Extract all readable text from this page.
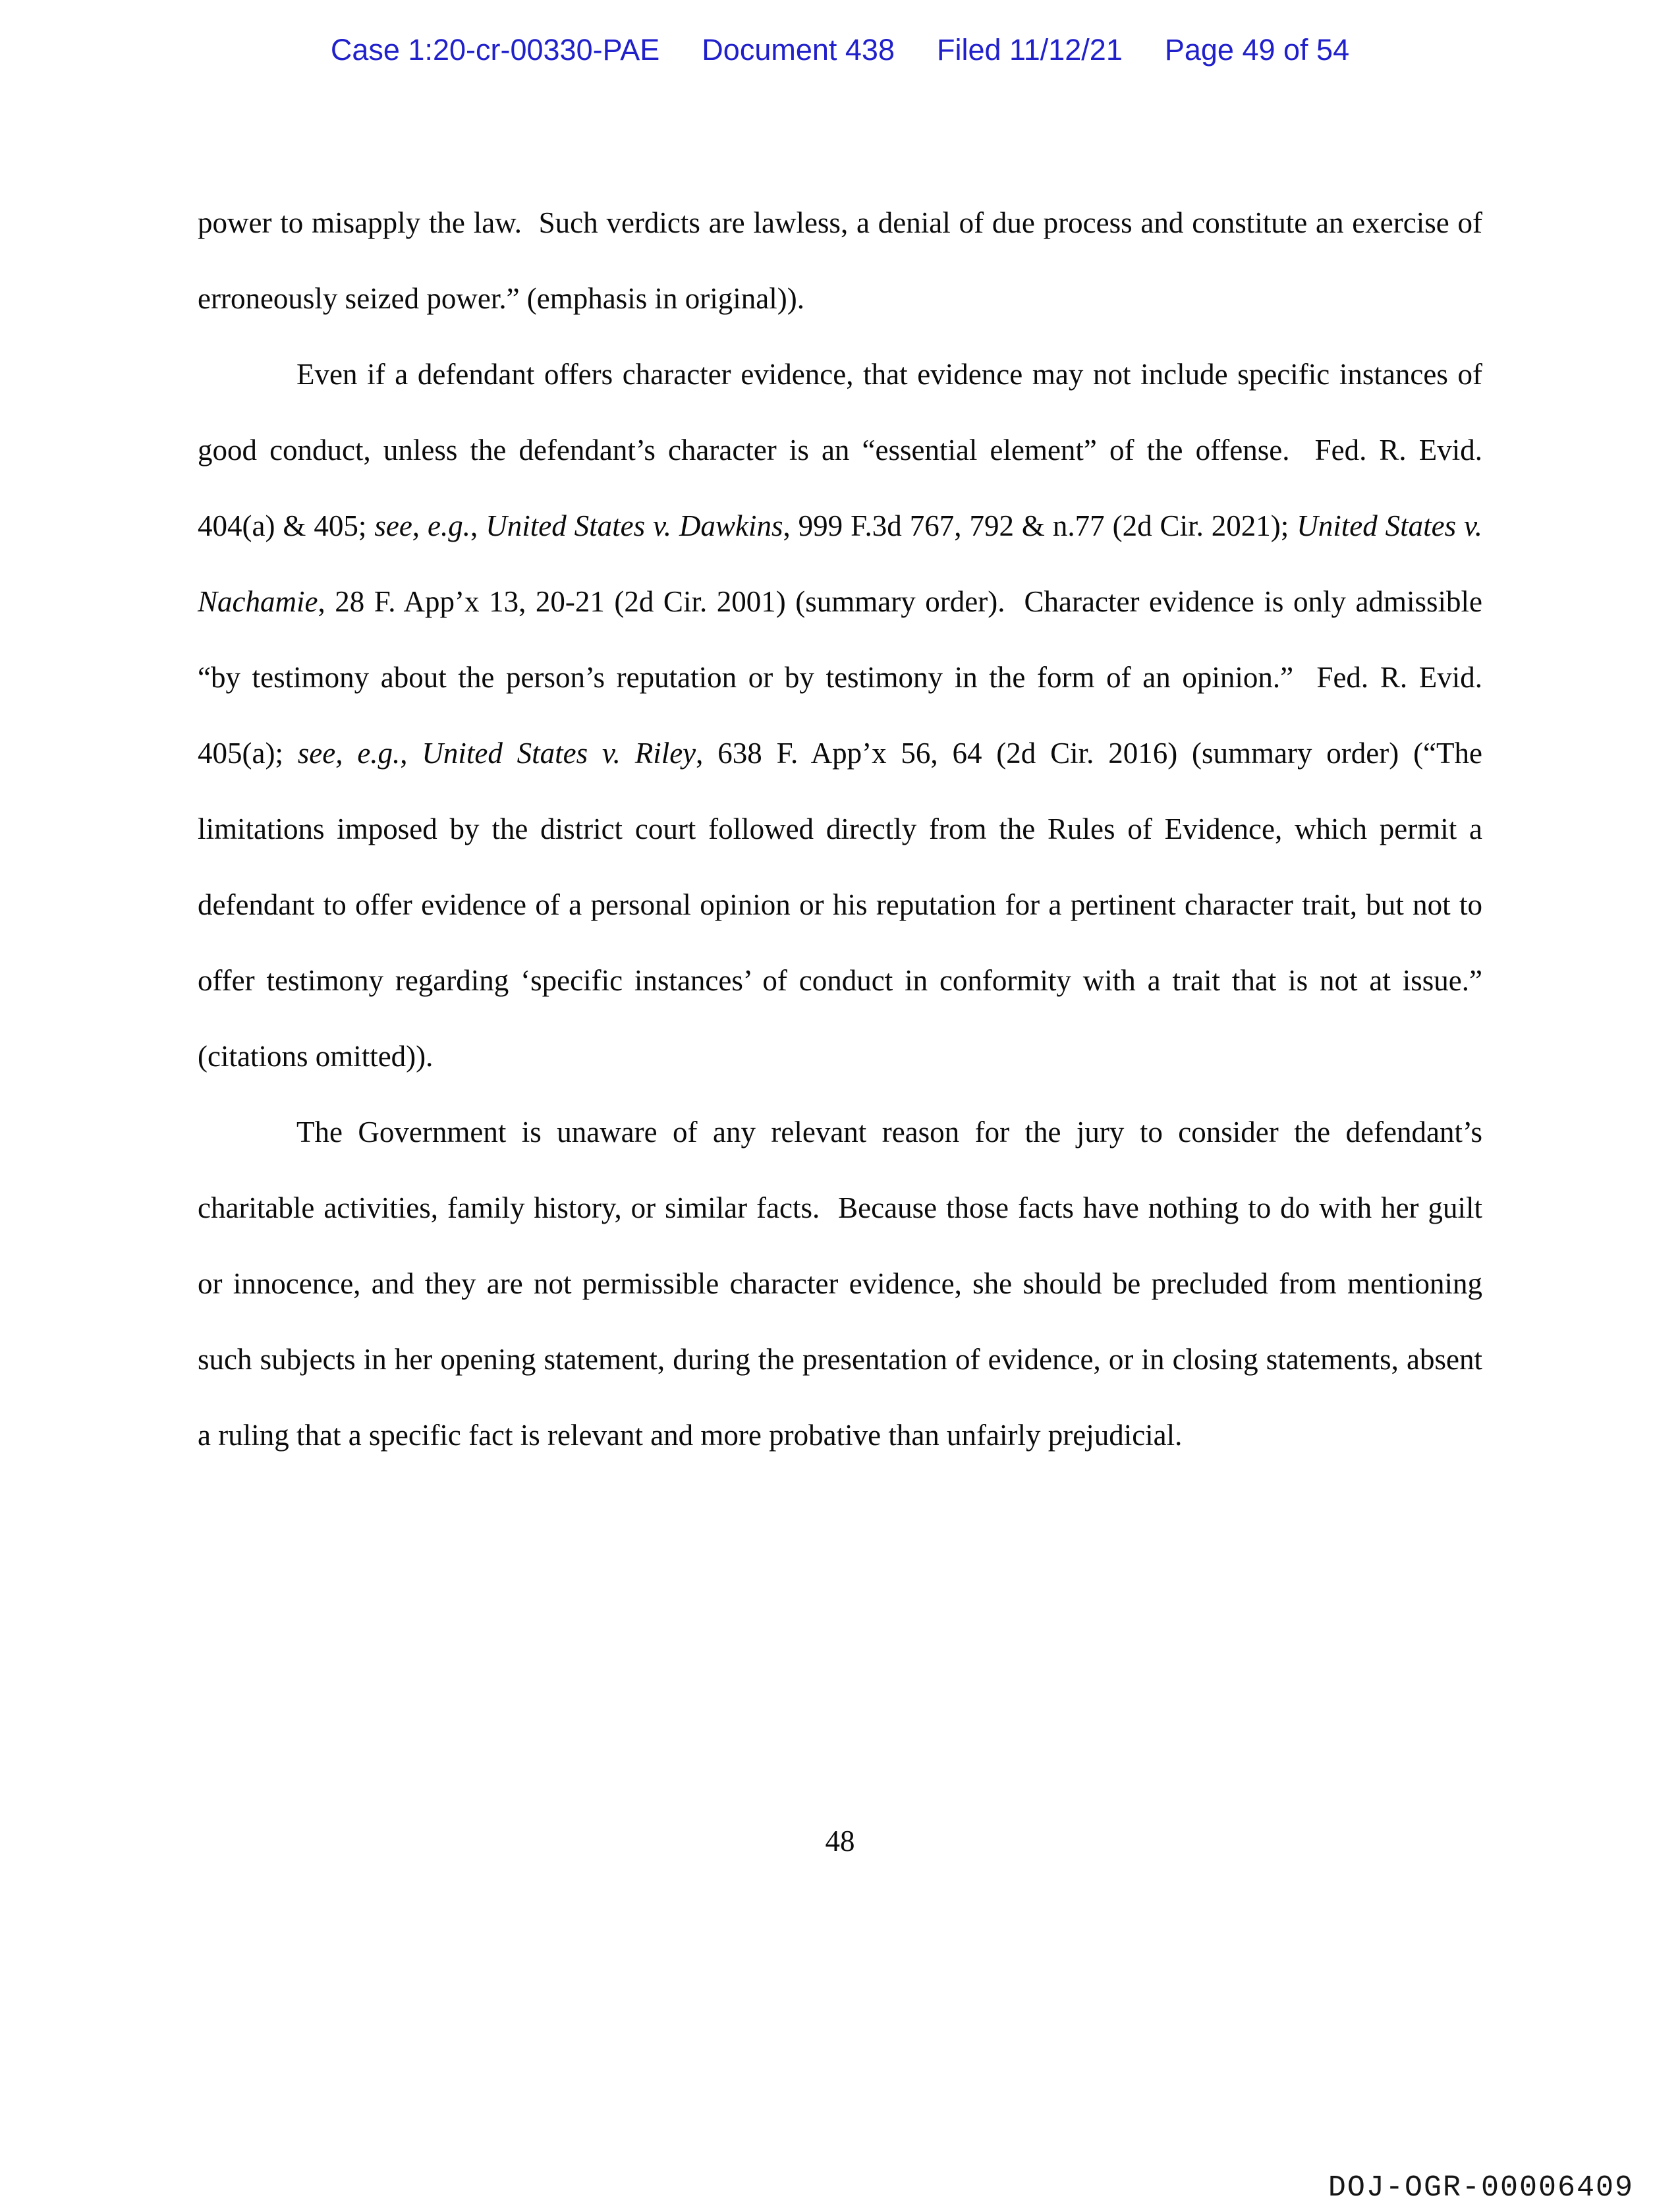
Case 1:20-cr-00330-PAE Document 438 Filed 11/12/21 Page 49 of 54

power to misapply the law.  Such verdicts are lawless, a denial of due process and constitute an exercise of erroneously seized power.” (emphasis in original)).

Even if a defendant offers character evidence, that evidence may not include specific instances of good conduct, unless the defendant’s character is an “essential element” of the offense.  Fed. R. Evid. 404(a) & 405; see, e.g., United States v. Dawkins, 999 F.3d 767, 792 & n.77 (2d Cir. 2021); United States v. Nachamie, 28 F. App’x 13, 20-21 (2d Cir. 2001) (summary order).  Character evidence is only admissible “by testimony about the person’s reputation or by testimony in the form of an opinion.”  Fed. R. Evid. 405(a); see, e.g., United States v. Riley, 638 F. App’x 56, 64 (2d Cir. 2016) (summary order) (“The limitations imposed by the district court followed directly from the Rules of Evidence, which permit a defendant to offer evidence of a personal opinion or his reputation for a pertinent character trait, but not to offer testimony regarding ‘specific instances’ of conduct in conformity with a trait that is not at issue.” (citations omitted)).

The Government is unaware of any relevant reason for the jury to consider the defendant’s charitable activities, family history, or similar facts.  Because those facts have nothing to do with her guilt or innocence, and they are not permissible character evidence, she should be precluded from mentioning such subjects in her opening statement, during the presentation of evidence, or in closing statements, absent a ruling that a specific fact is relevant and more probative than unfairly prejudicial.

48
DOJ-OGR-00006409
